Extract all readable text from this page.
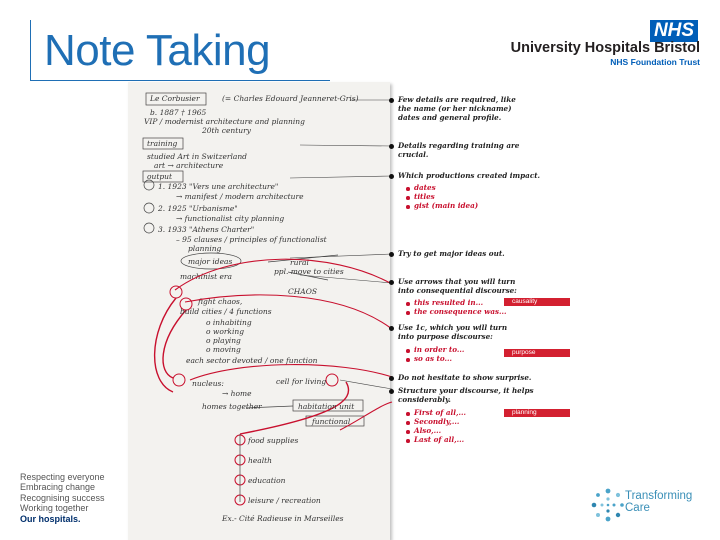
Note Taking	NHS
University Hospitals Bristol
NHS Foundation Trust
Le Corbusier	(= Charles Edouard Jeanneret-Gris)
b. 1887 † 1965
VIP / modernist architecture and planning
20th century
training
studied Art in Switzerland
art → architecture
output
1. 1923 "Vers une architecture"
→ manifest / modern architecture
2. 1925 "Urbanisme"
→ functionalist city planning
3. 1933 "Athens Charter"
– 95 clauses / principles of functionalist
planning
major ideas	rural
ppl. move to cities
machinist era
CHAOS
fight chaos,
build cities / 4 functions
o inhabiting
o working
o playing
o moving
each sector devoted / one function
cell for living
nucleus:
→ home
homes together	habitation unit
functional
food supplies
health
education
leisure / recreation
Ex.- Cité Radieuse in Marseilles
Few details are required, like
the name (or her nickname)
dates and general profile.
Details regarding training are
crucial.
Which productions created impact.
dates
titles
gist (main idea)
Try to get major ideas out.
Use arrows that you will turn
into consequential discourse:
this resulted in...
the consequence was...
causality
Use 1c, which you will turn
into purpose discourse:
in order to...
so as to...
purpose
Do not hesitate to show surprise.
Structure your discourse, it helps
considerably.
First of all,...
Secondly,...
Also,...
Last of all,...
planning
Respecting everyone
Embracing change
Recognising success
Working together
Our hospitals.
Transforming
Care
